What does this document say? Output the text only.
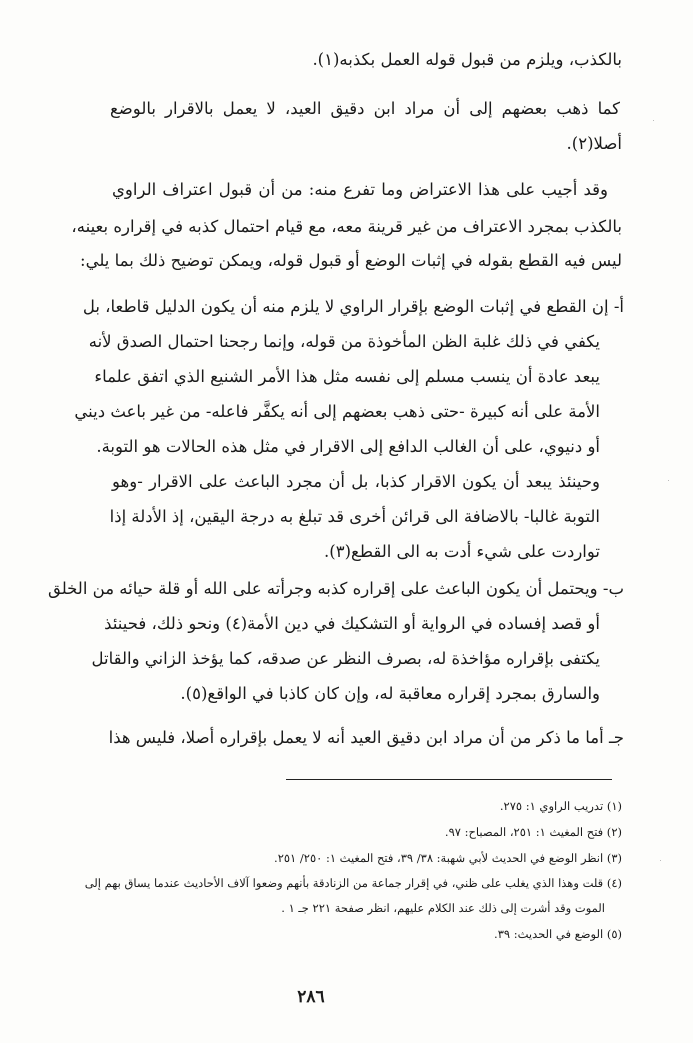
بالكذب، ويلزم من قبول قوله العمل بكذبه(١).
كما ذهب بعضهم إلى أن مراد ابن دقيق العيد، لا يعمل بالاقرار بالوضع
أصلا(٢).
وقد أجيب على هذا الاعتراض وما تفرع منه: من أن قبول اعتراف الراوي
بالكذب بمجرد الاعتراف من غير قرينة معه، مع قيام احتمال كذبه في إقراره بعينه،
ليس فيه القطع بقوله في إثبات الوضع أو قبول قوله، ويمكن توضيح ذلك بما يلي:
أ- إن القطع في إثبات الوضع بإقرار الراوي لا يلزم منه أن يكون الدليل قاطعا، بل
يكفي في ذلك غلبة الظن المأخوذة من قوله، وإنما رجحنا احتمال الصدق لأنه
يبعد عادة أن ينسب مسلم إلى نفسه مثل هذا الأمر الشنيع الذي اتفق علماء
الأمة على أنه كبيرة -حتى ذهب بعضهم إلى أنه يكفَّر فاعله- من غير باعث ديني
أو دنيوي، على أن الغالب الدافع إلى الاقرار في مثل هذه الحالات هو التوبة.
وحينئذ يبعد أن يكون الاقرار كذبا، بل أن مجرد الباعث على الاقرار -وهو
التوبة غالبا- بالاضافة الى قرائن أخرى قد تبلغ به درجة اليقين، إذ الأدلة إذا
تواردت على شيء أدت به الى القطع(٣).
ب- ويحتمل أن يكون الباعث على إقراره كذبه وجرأته على الله أو قلة حيائه من الخلق
أو قصد إفساده في الرواية أو التشكيك في دين الأمة(٤) ونحو ذلك، فحينئذ
يكتفى بإقراره مؤاخذة له، بصرف النظر عن صدقه، كما يؤخذ الزاني والقاتل
والسارق بمجرد إقراره معاقبة له، وإن كان كاذبا في الواقع(٥).
جـ أما ما ذكر من أن مراد ابن دقيق العيد أنه لا يعمل بإقراره أصلا، فليس هذا
(١) تدريب الراوي ١: ٢٧٥.
(٢) فتح المغيث ١: ٢٥١، المصباح: ٩٧.
(٣) انظر الوضع في الحديث لأبي شهبة: ٣٨/ ٣٩، فتح المغيث ١: ٢٥٠/ ٢٥١.
(٤) قلت وهذا الذي يغلب على ظني، في إقرار جماعة من الزنادقة بأنهم وضعوا آلاف الأحاديث عندما يساق بهم إلى
الموت وقد أشرت إلى ذلك عند الكلام عليهم، انظر صفحة ٢٢١ جـ ١ .
(٥) الوضع في الحديث: ٣٩.
٢٨٦
